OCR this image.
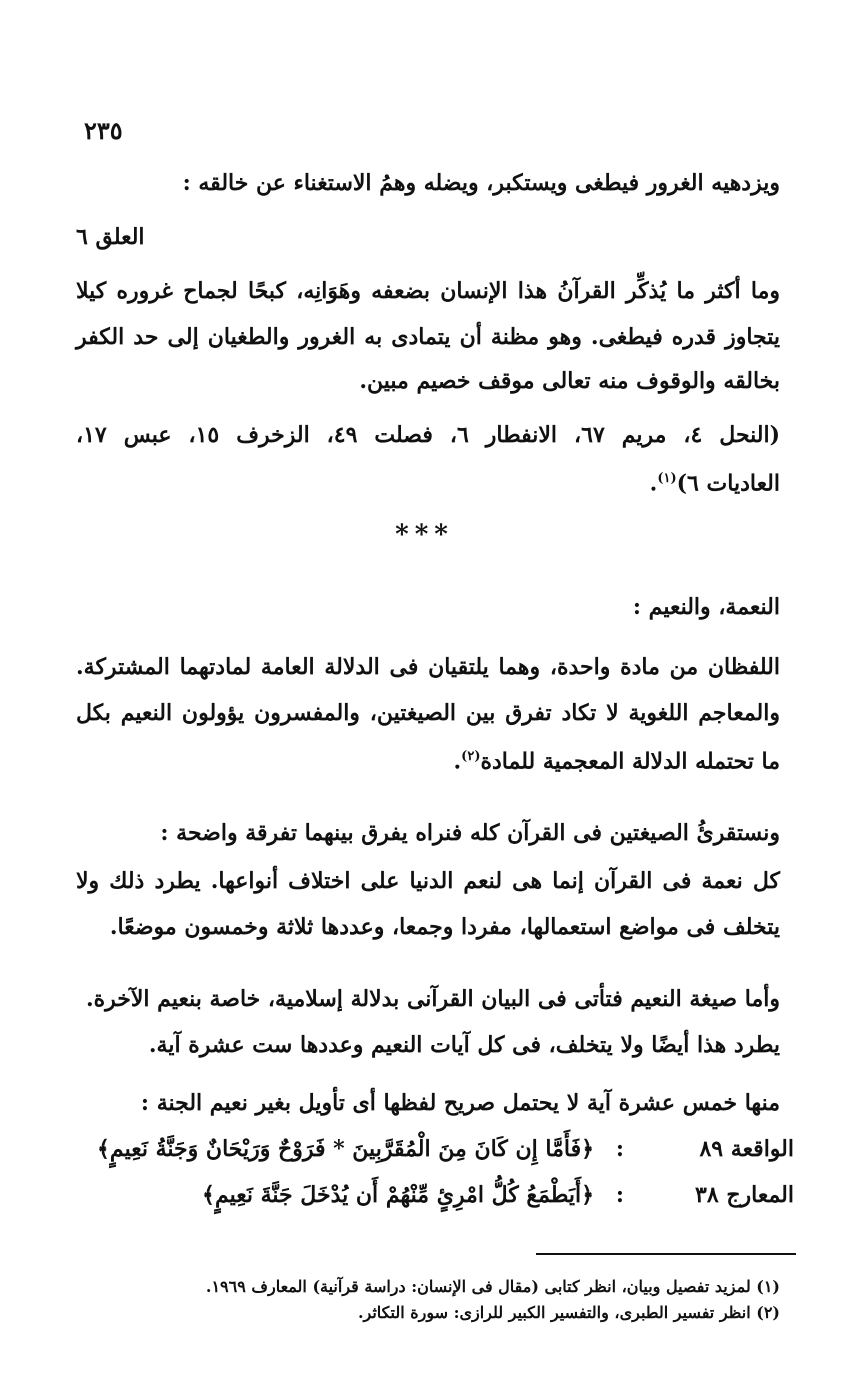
٢٣٥
ويزدهيه الغرور فيطغى ويستكبر، ويضله وهمُ الاستغناء عن خالقه :
العلق ٦
وما أكثر ما يُذكِّر القرآنُ هذا الإنسان بضعفه وهَوَانِه، كبحًا لجماح غروره كيلا
يتجاوز قدره فيطغى. وهو مظنة أن يتمادى به الغرور والطغيان إلى حد الكفر
بخالقه والوقوف منه تعالى موقف خصيم مبين.
(النحل ٤، مريم ٦٧، الانفطار ٦، فصلت ٤٩، الزخرف ١٥، عبس ١٧،
العاديات ٦)$^{(١)}$.
***
النعمة، والنعيم :
اللفظان من مادة واحدة، وهما يلتقيان فى الدلالة العامة لمادتهما المشتركة.
والمعاجم اللغوية لا تكاد تفرق بين الصيغتين، والمفسرون يؤولون النعيم بكل
ما تحتمله الدلالة المعجمية للمادة$^{(٢)}$.
ونستقرئُ الصيغتين فى القرآن كله فنراه يفرق بينهما تفرقة واضحة :
كل نعمة فى القرآن إنما هى لنعم الدنيا على اختلاف أنواعها. يطرد ذلك ولا
يتخلف فى مواضع استعمالها، مفردا وجمعا، وعددها ثلاثة وخمسون موضعًا.
وأما صيغة النعيم فتأتى فى البيان القرآنى بدلالة إسلامية، خاصة بنعيم الآخرة.
يطرد هذا أيضًا ولا يتخلف، فى كل آيات النعيم وعددها ست عشرة آية.
منها خمس عشرة آية لا يحتمل صريح لفظها أى تأويل بغير نعيم الجنة :
الواقعة ٨٩
:
﴿فَأَمَّا إِن كَانَ مِنَ الْمُقَرَّبِينَ * فَرَوْحٌ وَرَيْحَانٌ وَجَنَّةُ نَعِيمٍ﴾
المعارج ٣٨
:
﴿أَيَطْمَعُ كُلُّ امْرِئٍ مِّنْهُمْ أَن يُدْخَلَ جَنَّةَ نَعِيمٍ﴾
(١) لمزيد تفصيل وبيان، انظر كتابى (مقال فى الإنسان: دراسة قرآنية) المعارف ١٩٦٩.
(٢) انظر تفسير الطبرى، والتفسير الكبير للرازى: سورة التكاثر.
